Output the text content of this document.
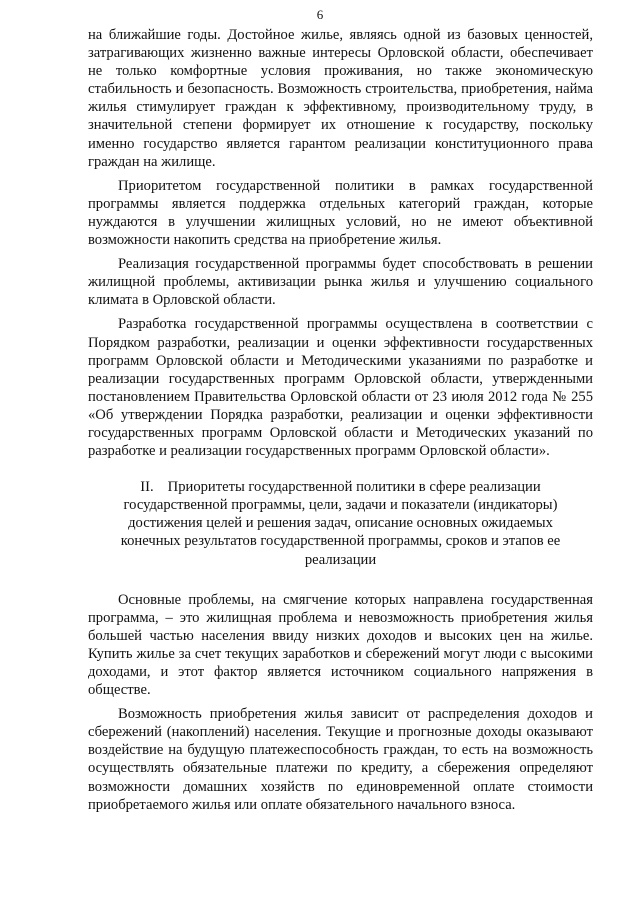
6

на ближайшие годы. Достойное жилье, являясь одной из базовых ценностей, затрагивающих жизненно важные интересы Орловской области, обеспечивает не только комфортные условия проживания, но также экономическую стабильность и безопасность. Возможность строительства, приобретения, найма жилья стимулирует граждан к эффективному, производительному труду, в значительной степени формирует их отношение к государству, поскольку именно государство является гарантом реализации конституционного права граждан на жилище.

Приоритетом государственной политики в рамках государственной программы является поддержка отдельных категорий граждан, которые нуждаются в улучшении жилищных условий, но не имеют объективной возможности накопить средства на приобретение жилья.

Реализация государственной программы будет способствовать в решении жилищной проблемы, активизации рынка жилья и улучшению социального климата в Орловской области.

Разработка государственной программы осуществлена в соответствии с Порядком разработки, реализации и оценки эффективности государственных программ Орловской области и Методическими указаниями по разработке и реализации государственных программ Орловской области, утвержденными постановлением Правительства Орловской области от 23 июля 2012 года № 255 «Об утверждении Порядка разработки, реализации и оценки эффективности государственных программ Орловской области и Методических указаний по разработке и реализации государственных программ Орловской области».

II. Приоритеты государственной политики в сфере реализации государственной программы, цели, задачи и показатели (индикаторы) достижения целей и решения задач, описание основных ожидаемых конечных результатов государственной программы, сроков и этапов ее реализации

Основные проблемы, на смягчение которых направлена государственная программа, – это жилищная проблема и невозможность приобретения жилья большей частью населения ввиду низких доходов и высоких цен на жилье. Купить жилье за счет текущих заработков и сбережений могут люди с высокими доходами, и этот фактор является источником социального напряжения в обществе.

Возможность приобретения жилья зависит от распределения доходов и сбережений (накоплений) населения. Текущие и прогнозные доходы оказывают воздействие на будущую платежеспособность граждан, то есть на возможность осуществлять обязательные платежи по кредиту, а сбережения определяют возможности домашних хозяйств по единовременной оплате стоимости приобретаемого жилья или оплате обязательного начального взноса.
